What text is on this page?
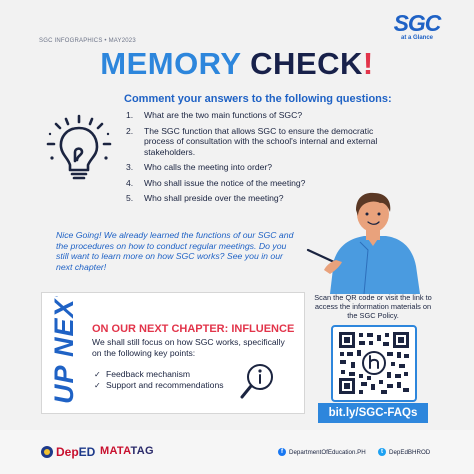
SGC INFOGRAPHICS • MAY2023
SGC
at a Glance
MEMORY CHECK!
Comment your answers to the following questions:
1.	What are the two main functions of SGC?
2.	The SGC function that allows SGC to ensure the democratic process of consultation with the school's internal and external stakeholders.
3.	Who calls the meeting into order?
4.	Who shall issue the notice of the meeting?
5.	Who shall preside over the meeting?
Nice Going! We already learned the functions of our SGC and the procedures on how to conduct regular meetings. Do you still want to learn more on how SGC works? See you in our next chapter!
UP NEXT ON OUR NEXT CHAPTER: INFLUENCE
We shall still focus on how SGC works, specifically on the following key points:
✓ Feedback mechanism
✓ Support and recommendations
Scan the QR code or visit the link to access the information materials on the SGC Policy.
bit.ly/SGC-FAQs
DepED MATATAG	f DepartmentOfEducation.PH	t DepEdBHROD
